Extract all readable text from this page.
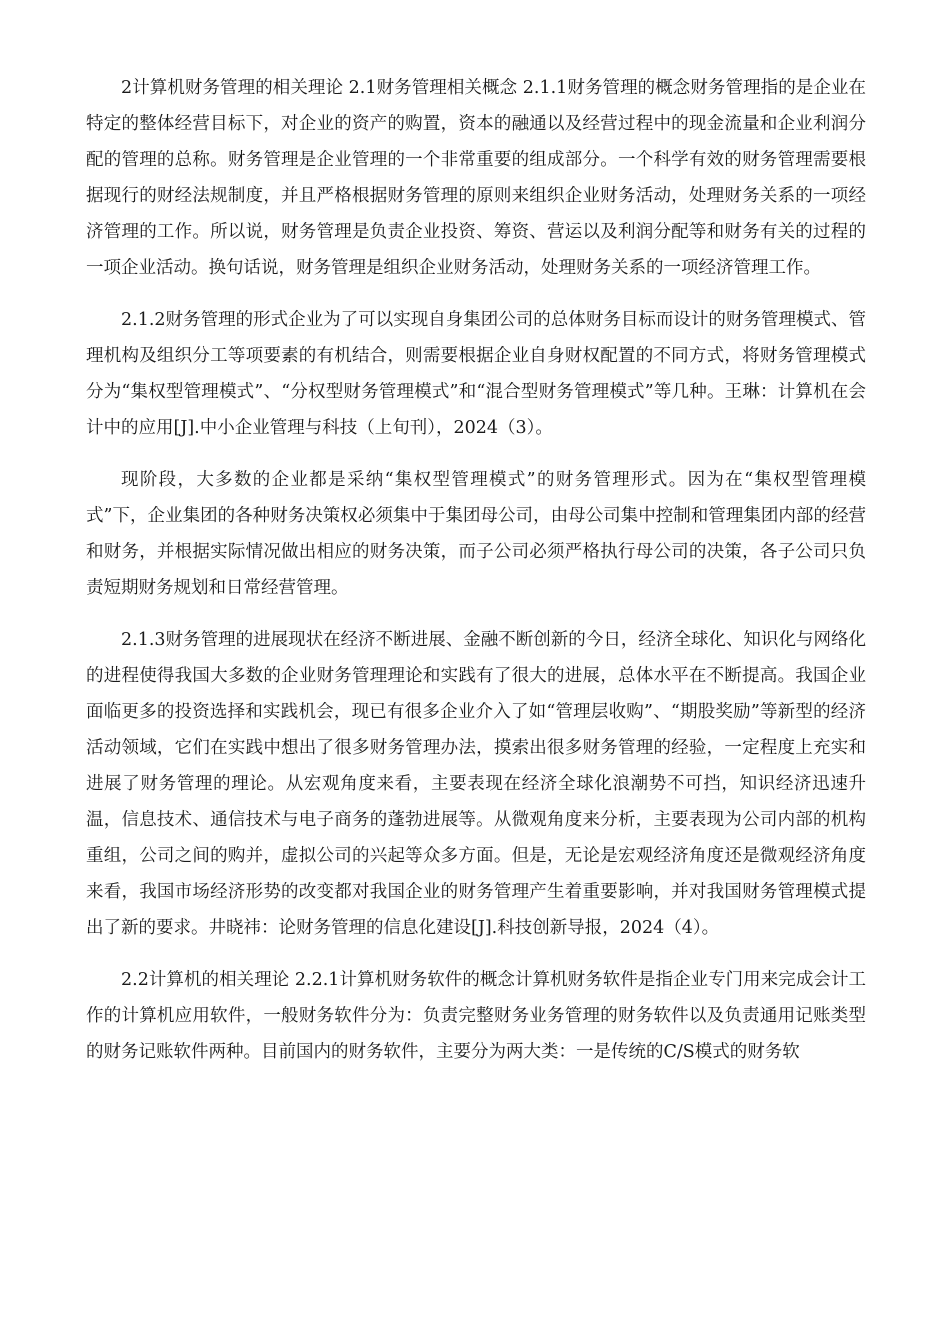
2计算机财务管理的相关理论 2.1财务管理相关概念 2.1.1财务管理的概念财务管理指的是企业在特定的整体经营目标下，对企业的资产的购置，资本的融通以及经营过程中的现金流量和企业利润分配的管理的总称。财务管理是企业管理的一个非常重要的组成部分。一个科学有效的财务管理需要根据现行的财经法规制度，并且严格根据财务管理的原则来组织企业财务活动，处理财务关系的一项经济管理的工作。所以说，财务管理是负责企业投资、筹资、营运以及利润分配等和财务有关的过程的一项企业活动。换句话说，财务管理是组织企业财务活动，处理财务关系的一项经济管理工作。

2.1.2财务管理的形式企业为了可以实现自身集团公司的总体财务目标而设计的财务管理模式、管理机构及组织分工等项要素的有机结合，则需要根据企业自身财权配置的不同方式，将财务管理模式分为“集权型管理模式”、“分权型财务管理模式”和“混合型财务管理模式”等几种。王琳：计算机在会计中的应用[J].中小企业管理与科技（上旬刊），2024（3）。

现阶段，大多数的企业都是采纳“集权型管理模式”的财务管理形式。因为在“集权型管理模式”下，企业集团的各种财务决策权必须集中于集团母公司，由母公司集中控制和管理集团内部的经营和财务，并根据实际情况做出相应的财务决策，而子公司必须严格执行母公司的决策，各子公司只负责短期财务规划和日常经营管理。

2.1.3财务管理的进展现状在经济不断进展、金融不断创新的今日，经济全球化、知识化与网络化的进程使得我国大多数的企业财务管理理论和实践有了很大的进展，总体水平在不断提高。我国企业面临更多的投资选择和实践机会，现已有很多企业介入了如“管理层收购”、“期股奖励”等新型的经济活动领域，它们在实践中想出了很多财务管理办法，摸索出很多财务管理的经验，一定程度上充实和进展了财务管理的理论。从宏观角度来看，主要表现在经济全球化浪潮势不可挡，知识经济迅速升温，信息技术、通信技术与电子商务的蓬勃进展等。从微观角度来分析，主要表现为公司内部的机构重组，公司之间的购并，虚拟公司的兴起等众多方面。但是，无论是宏观经济角度还是微观经济角度来看，我国市场经济形势的改变都对我国企业的财务管理产生着重要影响，并对我国财务管理模式提出了新的要求。井晓祎：论财务管理的信息化建设[J].科技创新导报，2024（4）。

2.2计算机的相关理论 2.2.1计算机财务软件的概念计算机财务软件是指企业专门用来完成会计工作的计算机应用软件，一般财务软件分为：负责完整财务业务管理的财务软件以及负责通用记账类型的财务记账软件两种。目前国内的财务软件，主要分为两大类：一是传统的C/S模式的财务软
